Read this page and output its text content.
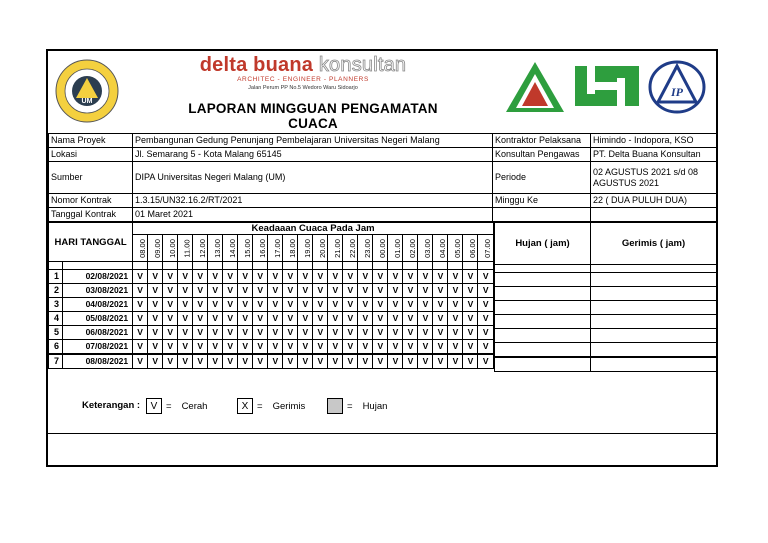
UM
delta buana konsultan
ARCHITEC - ENGINEER - PLANNERS
Jalan Perum PP No.5 Wedoro Waru Sidoarjo
LAPORAN MINGGUAN PENGAMATAN CUACA
IP
Nama Proyek	Pembangunan Gedung Penunjang Pembelajaran Universitas Negeri Malang	Kontraktor Pelaksana	Himindo - Indopora, KSO
Lokasi	Jl. Semarang 5 - Kota Malang 65145	Konsultan Pengawas	PT. Delta Buana Konsultan
Sumber	DIPA Universitas Negeri Malang (UM)	Periode	02 AGUSTUS 2021 s/d 08 AGUSTUS 2021
Nomor Kontrak	1.3.15/UN32.16.2/RT/2021	Minggu Ke	22 ( DUA PULUH DUA)
Tanggal Kontrak	01 Maret 2021		
HARI TANGGAL		Keadaaan Cuaca Pada Jam																							
		08.00	09.00	10.00	11.00	12.00	13.00	14.00	15.00	16.00	17.00	18.00	19.00	20.00	21.00	22.00	23.00	00.00	01.00	02.00	03.00	04.00	05.00	06.00	07.00

1	02/08/2021	V	V	V	V	V	V	V	V	V	V	V	V	V	V	V	V	V	V	V	V	V	V	V	V
2	03/08/2021	V	V	V	V	V	V	V	V	V	V	V	V	V	V	V	V	V	V	V	V	V	V	V	V
3	04/08/2021	V	V	V	V	V	V	V	V	V	V	V	V	V	V	V	V	V	V	V	V	V	V	V	V
4	05/08/2021	V	V	V	V	V	V	V	V	V	V	V	V	V	V	V	V	V	V	V	V	V	V	V	V
5	06/08/2021	V	V	V	V	V	V	V	V	V	V	V	V	V	V	V	V	V	V	V	V	V	V	V	V
6	07/08/2021	V	V	V	V	V	V	V	V	V	V	V	V	V	V	V	V	V	V	V	V	V	V	V	V
7	08/08/2021	V	V	V	V	V	V	V	V	V	V	V	V	V	V	V	V	V	V	V	V	V	V	V	V
Hujan ( jam)	Gerimis ( jam)

Keterangan :	V = Cerah	X = Gerimis	= Hujan
